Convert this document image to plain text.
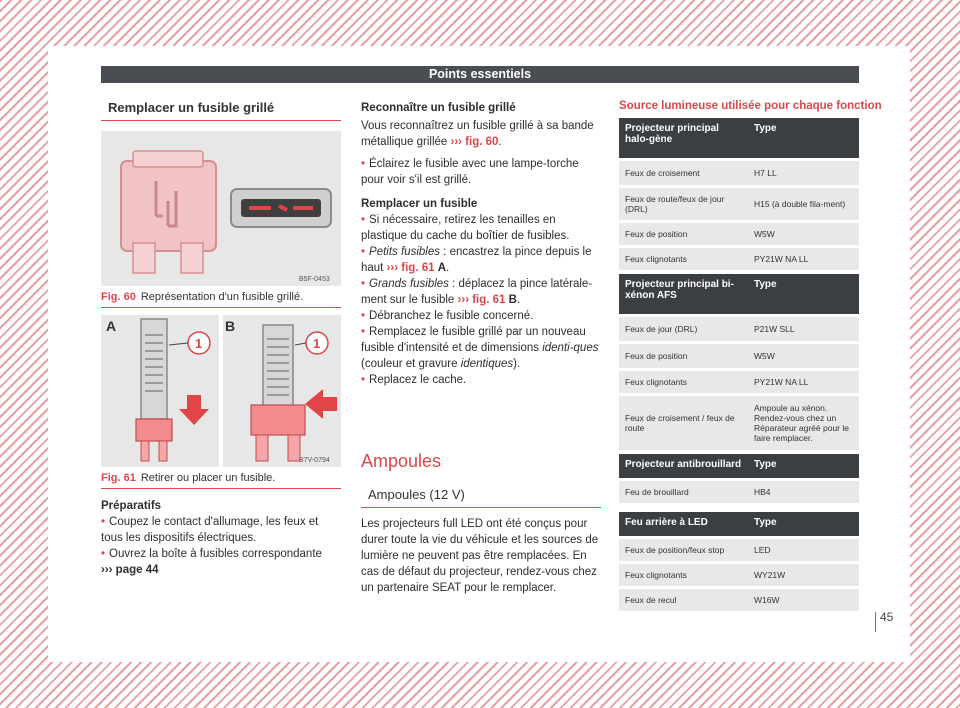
Points essentiels
Remplacer un fusible grillé
B5F-0453
Fig. 60 Représentation d'un fusible grillé.
A	B
1	1
B7V-0794
Fig. 61 Retirer ou placer un fusible.
Préparatifs
• Coupez le contact d'allumage, les feux et tous les dispositifs électriques.
• Ouvrez la boîte à fusibles correspondante
››› page 44
Reconnaître un fusible grillé
Vous reconnaîtrez un fusible grillé à sa bande métallique grillée ››› fig. 60.
• Éclairez le fusible avec une lampe-torche pour voir s'il est grillé.
Remplacer un fusible
• Si nécessaire, retirez les tenailles en plastique du cache du boîtier de fusibles.
• Petits fusibles : encastrez la pince depuis le haut ››› fig. 61 A.
• Grands fusibles : déplacez la pince latérale-ment sur le fusible ››› fig. 61 B.
• Débranchez le fusible concerné.
• Remplacez le fusible grillé par un nouveau fusible d'intensité et de dimensions identi-ques (couleur et gravure identiques).
• Replacez le cache.
Ampoules
Ampoules (12 V)
Les projecteurs full LED ont été conçus pour durer toute la vie du véhicule et les sources de lumière ne peuvent pas être remplacées. En cas de défaut du projecteur, rendez-vous chez un partenaire SEAT pour le remplacer.
Source lumineuse utilisée pour chaque fonction
Projecteur principal halo-gène	Type
Feux de croisement	H7 LL
Feux de route/feux de jour (DRL)	H15 (à double fila-ment)
Feux de position	W5W
Feux clignotants	PY21W NA LL
Projecteur principal bi-xénon AFS	Type
Feux de jour (DRL)	P21W SLL
Feux de position	W5W
Feux clignotants	PY21W NA LL
Feux de croisement / feux de route	Ampoule au xénon. Rendez-vous chez un Réparateur agréé pour le faire remplacer.
Projecteur antibrouillard	Type
Feu de brouillard	HB4
Feu arrière à LED	Type
Feux de position/feux stop	LED
Feux clignotants	WY21W
Feux de recul	W16W
45
